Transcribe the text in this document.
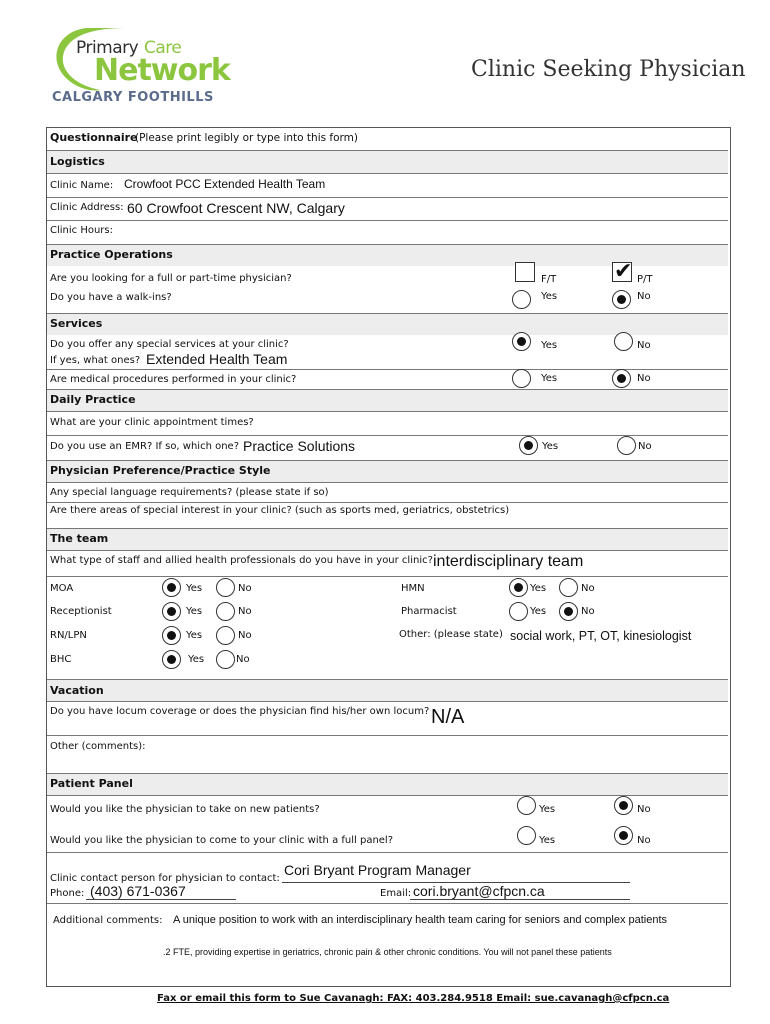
Primary Care
Network
CALGARY FOOTHILLS
Clinic Seeking Physician
Questionnaire
(Please print legibly or type into this form)
Logistics
Clinic Name: Crowfoot PCC Extended Health Team
Clinic Address: 60 Crowfoot Crescent NW, Calgary
Clinic Hours:
Practice Operations
Are you looking for a full or part-time physician?	F/T	✔ P/T
Do you have a walk-ins?	Yes	No
Services
Do you offer any special services at your clinic?	Yes	No
If yes, what ones? Extended Health Team
Are medical procedures performed in your clinic?	Yes	No
Daily Practice
What are your clinic appointment times?
Do you use an EMR? If so, which one? Practice Solutions	Yes	No
Physician Preference/Practice Style
Any special language requirements? (please state if so)
Are there areas of special interest in your clinic? (such as sports med, geriatrics, obstetrics)
The team
What type of staff and allied health professionals do you have in your clinic? interdisciplinary team
MOA	Yes	No
Receptionist	Yes	No
RN/LPN	Yes	No
BHC	Yes	No
HMN	Yes	No
Pharmacist	Yes	No
Other: (please state) social work, PT, OT, kinesiologist
Vacation
Do you have locum coverage or does the physician find his/her own locum? N/A
Other (comments):
Patient Panel
Would you like the physician to take on new patients?	Yes	No
Would you like the physician to come to your clinic with a full panel?	Yes	No
Clinic contact person for physician to contact:
Cori Bryant Program Manager
Phone: (403) 671-0367	Email: cori.bryant@cfpcn.ca
Additional comments: A unique position to work with an interdisciplinary health team caring for seniors and complex patients
.2 FTE, providing expertise in geriatrics, chronic pain & other chronic conditions. You will not panel these patients
Fax or email this form to Sue Cavanagh: FAX: 403.284.9518 Email: sue.cavanagh@cfpcn.ca
